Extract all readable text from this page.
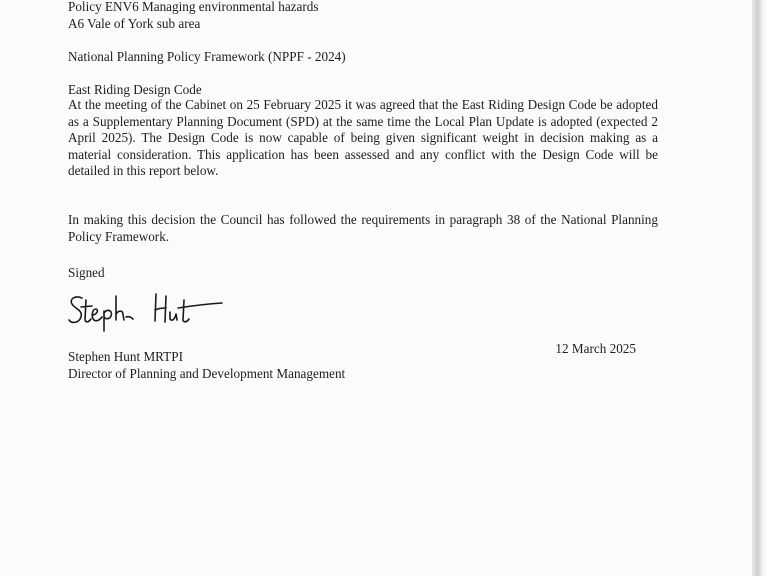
Policy ENV6 Managing environmental hazards

A6 Vale of York sub area

National Planning Policy Framework (NPPF - 2024)

East Riding Design Code

At the meeting of the Cabinet on 25 February 2025 it was agreed that the East Riding Design Code be adopted as a Supplementary Planning Document (SPD) at the same time the Local Plan Update is adopted (expected 2 April 2025). The Design Code is now capable of being given significant weight in decision making as a material consideration. This application has been assessed and any conflict with the Design Code will be detailed in this report below.

In making this decision the Council has followed the requirements in paragraph 38 of the National Planning Policy Framework.

Signed

12 March 2025

Stephen Hunt MRTPI

Director of Planning and Development Management
